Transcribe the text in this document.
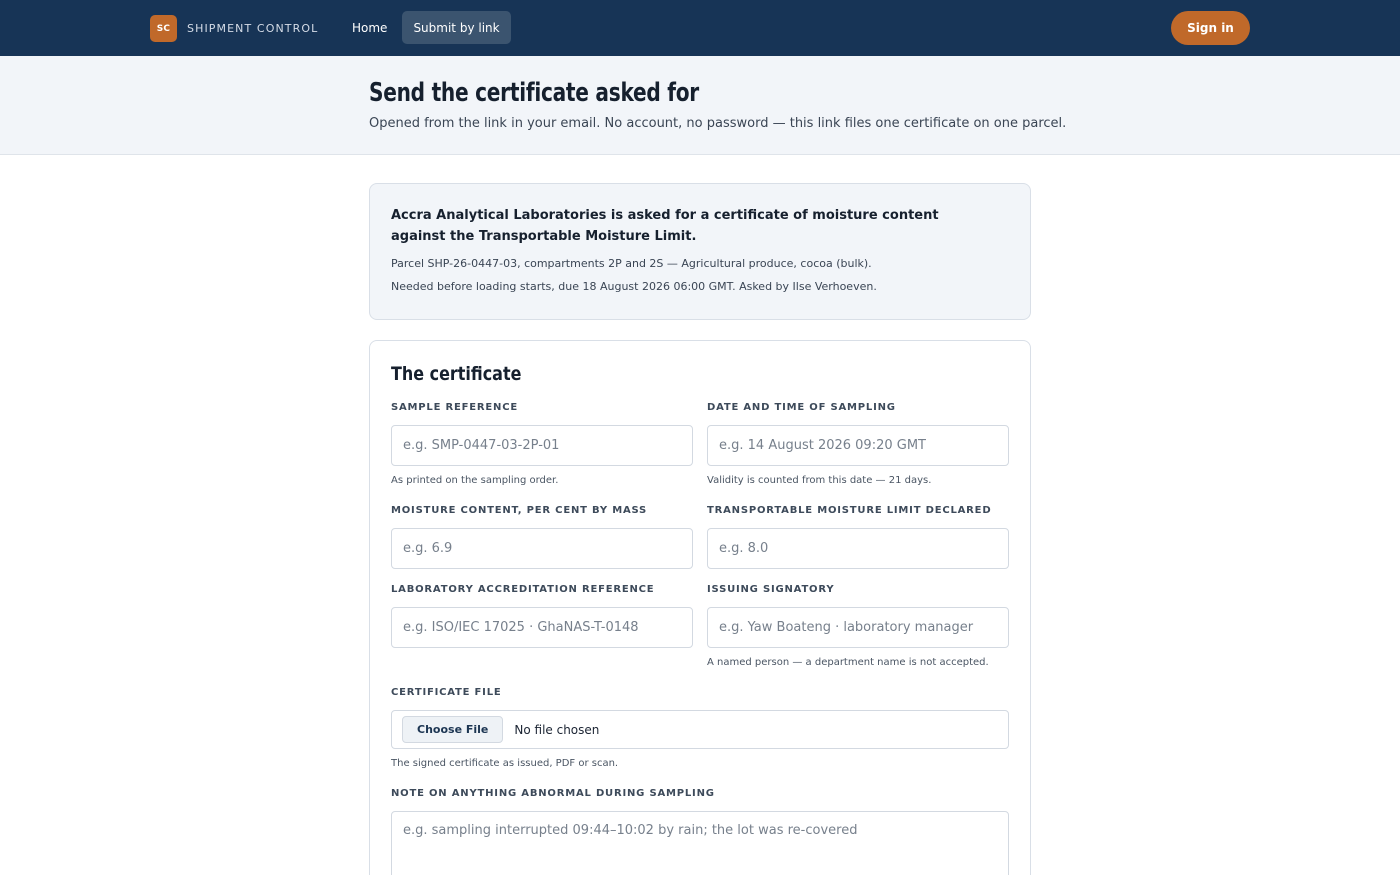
SC	SHIPMENT CONTROL	Home	Submit by link	Sign in
Send the certificate asked for

Opened from the link in your email. No account, no password — this link files one certificate on one parcel.

Accra Analytical Laboratories is asked for a certificate of moisture content against the Transportable Moisture Limit.
Parcel SHP-26-0447-03, compartments 2P and 2S — Agricultural produce, cocoa (bulk).
Needed before loading starts, due 18 August 2026 06:00 GMT. Asked by Ilse Verhoeven.
The certificate
SAMPLE REFERENCE
e.g. SMP-0447-03-2P-01
As printed on the sampling order.
DATE AND TIME OF SAMPLING
e.g. 14 August 2026 09:20 GMT
Validity is counted from this date — 21 days.
MOISTURE CONTENT, PER CENT BY MASS
e.g. 6.9
TRANSPORTABLE MOISTURE LIMIT DECLARED
e.g. 8.0
LABORATORY ACCREDITATION REFERENCE
e.g. ISO/IEC 17025 · GhaNAS-T-0148
ISSUING SIGNATORY
e.g. Yaw Boateng · laboratory manager
A named person — a department name is not accepted.
CERTIFICATE FILE
Choose File	No file chosen
The signed certificate as issued, PDF or scan.
NOTE ON ANYTHING ABNORMAL DURING SAMPLING
e.g. sampling interrupted 09:44–10:02 by rain; the lot was re-covered
